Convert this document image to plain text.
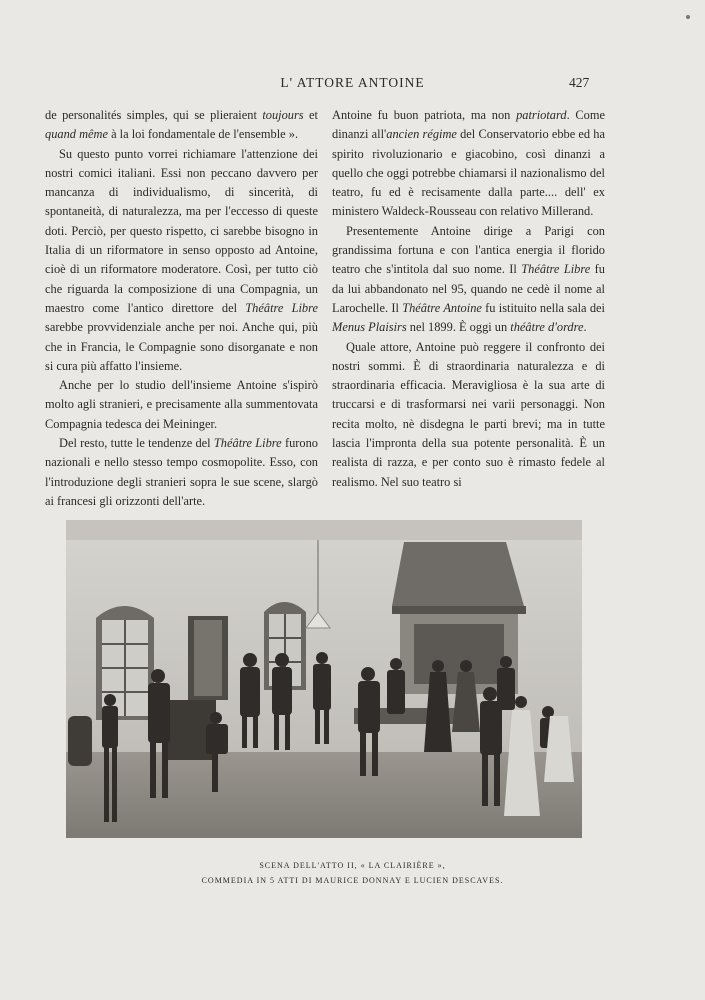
L' ATTORE ANTOINE	427

de personalités simples, qui se plieraient toujours et quand même à la loi fondamentale de l'ensemble ».

Su questo punto vorrei richiamare l'attenzione dei nostri comici italiani. Essi non peccano davvero per mancanza di individualismo, di sincerità, di spontaneità, di naturalezza, ma per l'eccesso di queste doti. Perciò, per questo rispetto, ci sarebbe bisogno in Italia di un riformatore in senso opposto ad Antoine, cioè di un riformatore moderatore. Così, per tutto ciò che riguarda la composizione di una Compagnia, un maestro come l'antico direttore del Théâtre Libre sarebbe provvidenziale anche per noi. Anche qui, più che in Francia, le Compagnie sono disorganate e non si cura più affatto l'insieme.

Anche per lo studio dell'insieme Antoine s'ispirò molto agli stranieri, e precisamente alla summentovata Compagnia tedesca dei Meininger.

Del resto, tutte le tendenze del Théâtre Libre furono nazionali e nello stesso tempo cosmopolite. Esso, con l'introduzione degli stranieri sopra le sue scene, slargò ai francesi gli orizzonti dell'arte.

Antoine fu buon patriota, ma non patriotard. Come dinanzi all'ancien régime del Conservatorio ebbe ed ha spirito rivoluzionario e giacobino, così dinanzi a quello che oggi potrebbe chiamarsi il nazionalismo del teatro, fu ed è recisamente dalla parte.... dell' ex ministero Waldeck-Rousseau con relativo Millerand.

Presentemente Antoine dirige a Parigi con grandissima fortuna e con l'antica energia il florido teatro che s'intitola dal suo nome. Il Théâtre Libre fu da lui abbandonato nel 95, quando ne cedè il nome al Larochelle. Il Théâtre Antoine fu istituito nella sala dei Menus Plaisirs nel 1899. È oggi un théâtre d'ordre.

Quale attore, Antoine può reggere il confronto dei nostri sommi. È di straordinaria naturalezza e di straordinaria efficacia. Meravigliosa è la sua arte di truccarsi e di trasformarsi nei varii personaggi. Non recita molto, nè disdegna le parti brevi; ma in tutte lascia l'impronta della sua potente personalità. È un realista di razza, e per conto suo è rimasto fedele al realismo. Nel suo teatro si

SCENA DELL'ATTO II, « LA CLAIRIÈRE »,
COMMEDIA IN 5 ATTI DI MAURICE DONNAY E LUCIEN DESCAVES.
